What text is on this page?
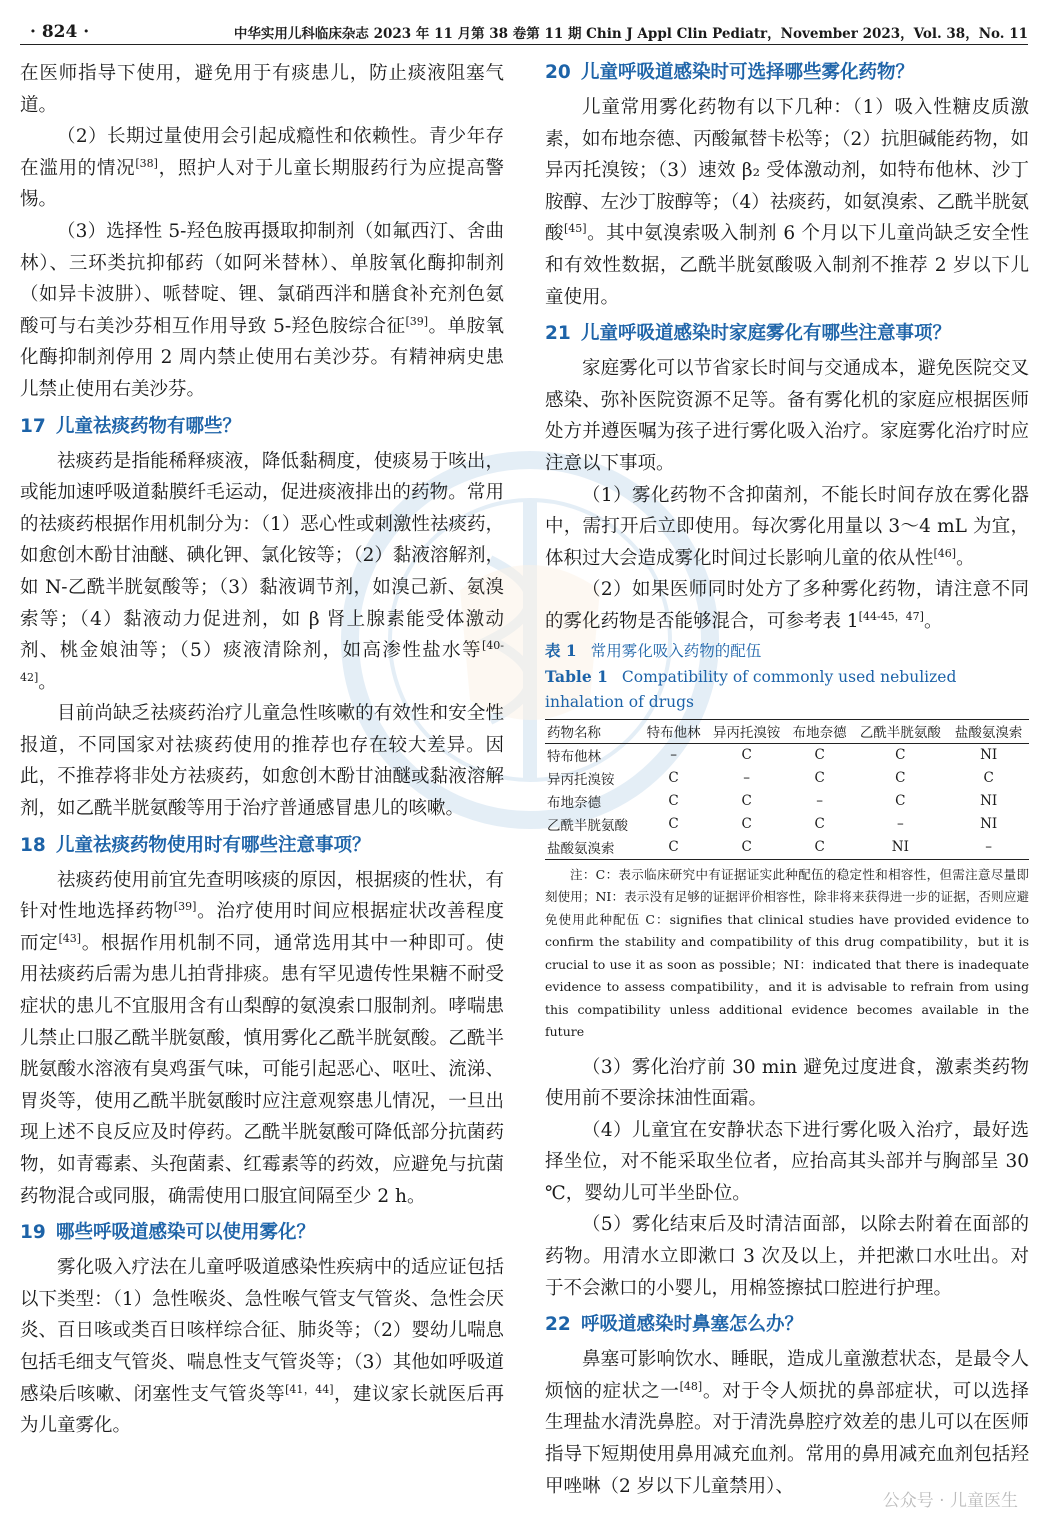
· 824 ·	中华实用儿科临床杂志 2023 年 11 月第 38 卷第 11 期 Chin J Appl Clin Pediatr，November 2023，Vol. 38，No. 11

在医师指导下使用，避免用于有痰患儿，防止痰液阻塞气道。

（2）长期过量使用会引起成瘾性和依赖性。青少年存在滥用的情况[38]，照护人对于儿童长期服药行为应提高警惕。

（3）选择性 5-羟色胺再摄取抑制剂（如氟西汀、舍曲林）、三环类抗抑郁药（如阿米替林）、单胺氧化酶抑制剂（如异卡波肼）、哌替啶、锂、氯硝西泮和膳食补充剂色氨酸可与右美沙芬相互作用导致 5-羟色胺综合征[39]。单胺氧化酶抑制剂停用 2 周内禁止使用右美沙芬。有精神病史患儿禁止使用右美沙芬。

17 儿童祛痰药物有哪些？

祛痰药是指能稀释痰液，降低黏稠度，使痰易于咳出，或能加速呼吸道黏膜纤毛运动，促进痰液排出的药物。常用的祛痰药根据作用机制分为：（1）恶心性或刺激性祛痰药，如愈创木酚甘油醚、碘化钾、氯化铵等；（2）黏液溶解剂，如 N-乙酰半胱氨酸等；（3）黏液调节剂，如溴己新、氨溴索等；（4）黏液动力促进剂，如 β 肾上腺素能受体激动剂、桃金娘油等；（5）痰液清除剂，如高渗性盐水等[40-42]。

目前尚缺乏祛痰药治疗儿童急性咳嗽的有效性和安全性报道，不同国家对祛痰药使用的推荐也存在较大差异。因此，不推荐将非处方祛痰药，如愈创木酚甘油醚或黏液溶解剂，如乙酰半胱氨酸等用于治疗普通感冒患儿的咳嗽。

18 儿童祛痰药物使用时有哪些注意事项？

祛痰药使用前宜先查明咳痰的原因，根据痰的性状，有针对性地选择药物[39]。治疗使用时间应根据症状改善程度而定[43]。根据作用机制不同，通常选用其中一种即可。使用祛痰药后需为患儿拍背排痰。患有罕见遗传性果糖不耐受症状的患儿不宜服用含有山梨醇的氨溴索口服制剂。哮喘患儿禁止口服乙酰半胱氨酸，慎用雾化乙酰半胱氨酸。乙酰半胱氨酸水溶液有臭鸡蛋气味，可能引起恶心、呕吐、流涕、胃炎等，使用乙酰半胱氨酸时应注意观察患儿情况，一旦出现上述不良反应及时停药。乙酰半胱氨酸可降低部分抗菌药物，如青霉素、头孢菌素、红霉素等的药效，应避免与抗菌药物混合或同服，确需使用口服宜间隔至少 2 h。

19 哪些呼吸道感染可以使用雾化？

雾化吸入疗法在儿童呼吸道感染性疾病中的适应证包括以下类型：（1）急性喉炎、急性喉气管支气管炎、急性会厌炎、百日咳或类百日咳样综合征、肺炎等；（2）婴幼儿喘息包括毛细支气管炎、喘息性支气管炎等；（3）其他如呼吸道感染后咳嗽、闭塞性支气管炎等[41，44]，建议家长就医后再为儿童雾化。

20 儿童呼吸道感染时可选择哪些雾化药物？

儿童常用雾化药物有以下几种：（1）吸入性糖皮质激素，如布地奈德、丙酸氟替卡松等；（2）抗胆碱能药物，如异丙托溴铵；（3）速效 β₂ 受体激动剂，如特布他林、沙丁胺醇、左沙丁胺醇等；（4）祛痰药，如氨溴索、乙酰半胱氨酸[45]。其中氨溴索吸入制剂 6 个月以下儿童尚缺乏安全性和有效性数据，乙酰半胱氨酸吸入制剂不推荐 2 岁以下儿童使用。

21 儿童呼吸道感染时家庭雾化有哪些注意事项？

家庭雾化可以节省家长时间与交通成本，避免医院交叉感染、弥补医院资源不足等。备有雾化机的家庭应根据医师处方并遵医嘱为孩子进行雾化吸入治疗。家庭雾化治疗时应注意以下事项。

（1）雾化药物不含抑菌剂，不能长时间存放在雾化器中，需打开后立即使用。每次雾化用量以 3～4 mL 为宜，体积过大会造成雾化时间过长影响儿童的依从性[46]。

（2）如果医师同时处方了多种雾化药物，请注意不同的雾化药物是否能够混合，可参考表 1[44-45，47]。

表 1 常用雾化吸入药物的配伍
Table 1 Compatibility of commonly used nebulized inhalation of drugs
药物名称	特布他林	异丙托溴铵	布地奈德	乙酰半胱氨酸	盐酸氨溴索
特布他林	–	C	C	C	NI
异丙托溴铵	C	–	C	C	C
布地奈德	C	C	–	C	NI
乙酰半胱氨酸	C	C	C	–	NI
盐酸氨溴索	C	C	C	NI	–
注：C：表示临床研究中有证据证实此种配伍的稳定性和相容性，但需注意尽量即刻使用；NI：表示没有足够的证据评价相容性，除非将来获得进一步的证据，否则应避免使用此种配伍 C：signifies that clinical studies have provided evidence to confirm the stability and compatibility of this drug compatibility，but it is crucial to use it as soon as possible；NI：indicated that there is inadequate evidence to assess compatibility，and it is advisable to refrain from using this compatibility unless additional evidence becomes available in the future

（3）雾化治疗前 30 min 避免过度进食，激素类药物使用前不要涂抹油性面霜。

（4）儿童宜在安静状态下进行雾化吸入治疗，最好选择坐位，对不能采取坐位者，应抬高其头部并与胸部呈 30 ℃，婴幼儿可半坐卧位。

（5）雾化结束后及时清洁面部，以除去附着在面部的药物。用清水立即漱口 3 次及以上，并把漱口水吐出。对于不会漱口的小婴儿，用棉签擦拭口腔进行护理。

22 呼吸道感染时鼻塞怎么办？

鼻塞可影响饮水、睡眠，造成儿童激惹状态，是最令人烦恼的症状之一[48]。对于令人烦扰的鼻部症状，可以选择生理盐水清洗鼻腔。对于清洗鼻腔疗效差的患儿可以在医师指导下短期使用鼻用减充血剂。常用的鼻用减充血剂包括羟甲唑啉（2 岁以下儿童禁用）、

公众号 · 儿童医生
